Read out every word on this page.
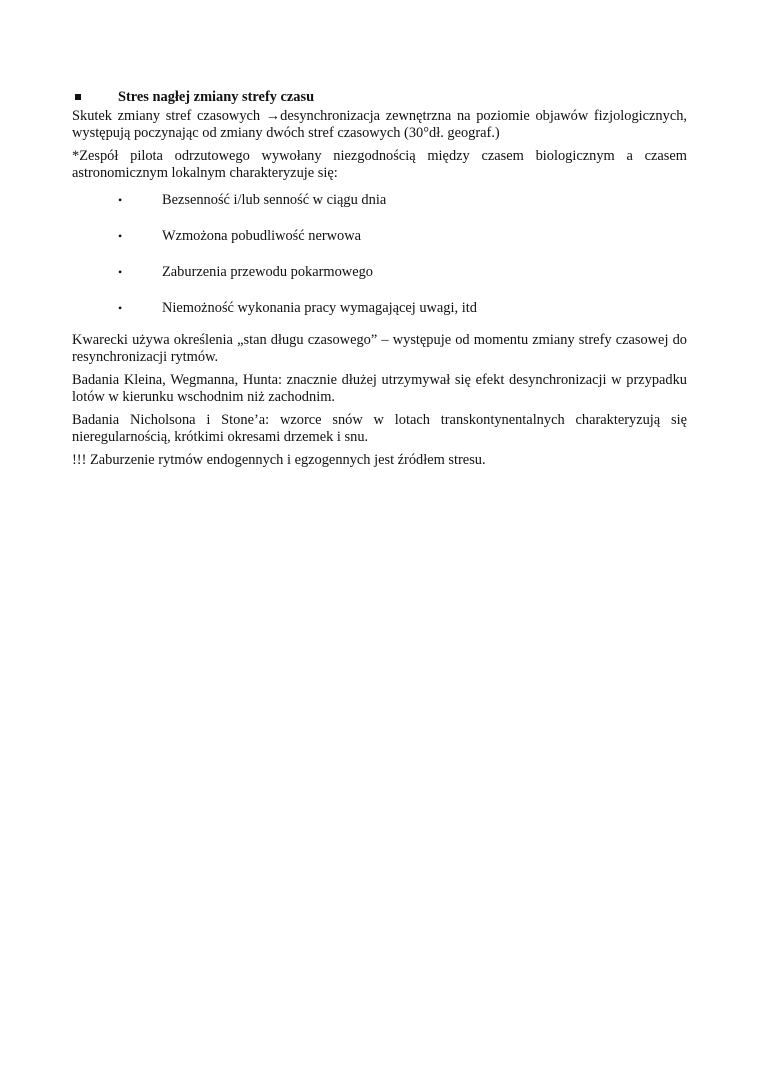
Stres nagłej zmiany strefy czasu

Skutek zmiany stref czasowych →desynchronizacja zewnętrzna na poziomie objawów fizjologicznych, występują poczynając od zmiany dwóch stref czasowych (30°dł. geograf.)

*Zespół pilota odrzutowego wywołany niezgodnością między czasem biologicznym a czasem astronomicznym lokalnym charakteryzuje się:

•	Bezsenność i/lub senność w ciągu dnia
•	Wzmożona pobudliwość nerwowa
•	Zaburzenia przewodu pokarmowego
•	Niemożność wykonania pracy wymagającej uwagi, itd

Kwarecki używa określenia „stan długu czasowego” – występuje od momentu zmiany strefy czasowej do resynchronizacji rytmów.

Badania Kleina, Wegmanna, Hunta: znacznie dłużej utrzymywał się efekt desynchronizacji w przypadku lotów w kierunku wschodnim niż zachodnim.

Badania Nicholsona i Stone’a: wzorce snów w lotach transkontynentalnych charakteryzują się nieregularnością, krótkimi okresami drzemek i snu.

!!! Zaburzenie rytmów endogennych i egzogennych jest źródłem stresu.
